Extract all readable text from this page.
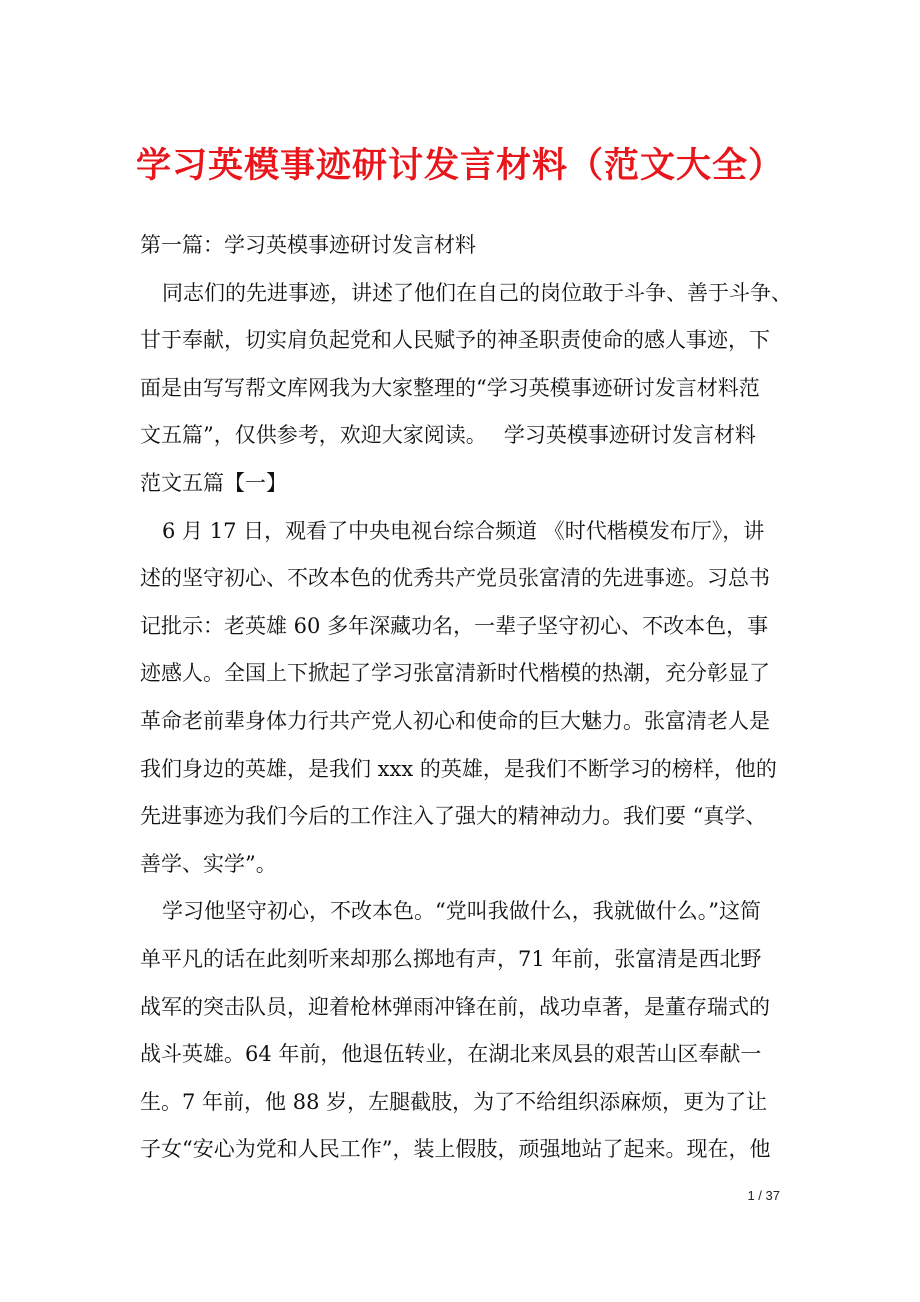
学习英模事迹研讨发言材料（范文大全）
第一篇：学习英模事迹研讨发言材料
同志们的先进事迹，讲述了他们在自己的岗位敢于斗争、善于斗争、
甘于奉献，切实肩负起党和人民赋予的神圣职责使命的感人事迹，下
面是由写写帮文库网我为大家整理的“学习英模事迹研讨发言材料范
文五篇”，仅供参考，欢迎大家阅读。　 学习英模事迹研讨发言材料
范文五篇【一】
6 月 17 日，观看了中央电视台综合频道 《时代楷模发布厅》，讲
述的坚守初心、不改本色的优秀共产党员张富清的先进事迹。习总书
记批示：老英雄 60 多年深藏功名，一辈子坚守初心、不改本色，事
迹感人。全国上下掀起了学习张富清新时代楷模的热潮，充分彰显了
革命老前辈身体力行共产党人初心和使命的巨大魅力。张富清老人是
我们身边的英雄，是我们 xxx 的英雄，是我们不断学习的榜样，他的
先进事迹为我们今后的工作注入了强大的精神动力。我们要 “真学、
善学、实学”。
学习他坚守初心，不改本色。“党叫我做什么，我就做什么。”这简
单平凡的话在此刻听来却那么掷地有声，71 年前，张富清是西北野
战军的突击队员，迎着枪林弹雨冲锋在前，战功卓著，是董存瑞式的
战斗英雄。64 年前，他退伍转业，在湖北来凤县的艰苦山区奉献一
生。7 年前，他 88 岁，左腿截肢，为了不给组织添麻烦，更为了让
子女“安心为党和人民工作”，装上假肢，顽强地站了起来。现在，他
1 / 37
